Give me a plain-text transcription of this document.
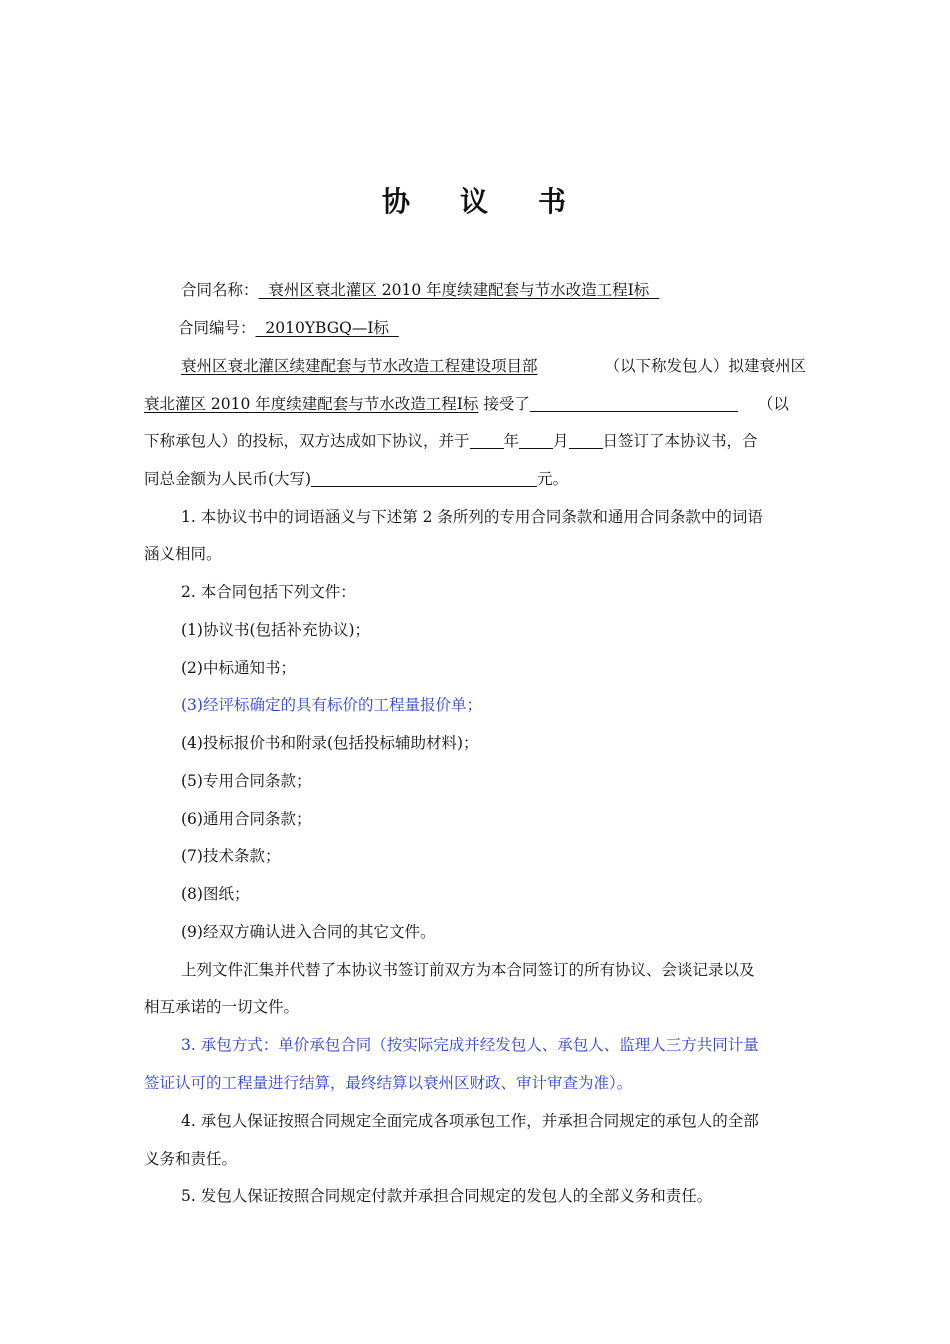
协 议 书
合同名称：  衰州区衰北灌区 2010 年度续建配套与节水改造工程Ⅰ标
合同编号：  2010YBGQ—Ⅰ标
衰州区衰北灌区续建配套与节水改造工程建设项目部	（以下称发包人）拟建衰州区
衰北灌区 2010 年度续建配套与节水改造工程Ⅰ标 接受了	（以
下称承包人）的投标，双方达成如下协议，并于 年 月 日签订了本协议书，合
同总金额为人民币(大写)	元。
1. 本协议书中的词语涵义与下述第 2 条所列的专用合同条款和通用合同条款中的词语
涵义相同。
2. 本合同包括下列文件：
(1)协议书(包括补充协议)；
(2)中标通知书；
(3)经评标确定的具有标价的工程量报价单；
(4)投标报价书和附录(包括投标辅助材料)；
(5)专用合同条款；
(6)通用合同条款；
(7)技术条款；
(8)图纸；
(9)经双方确认进入合同的其它文件。
上列文件汇集并代替了本协议书签订前双方为本合同签订的所有协议、会谈记录以及
相互承诺的一切文件。
3. 承包方式：单价承包合同（按实际完成并经发包人、承包人、监理人三方共同计量
签证认可的工程量进行结算，最终结算以衰州区财政、审计审查为准）。
4. 承包人保证按照合同规定全面完成各项承包工作，并承担合同规定的承包人的全部
义务和责任。
5. 发包人保证按照合同规定付款并承担合同规定的发包人的全部义务和责任。
